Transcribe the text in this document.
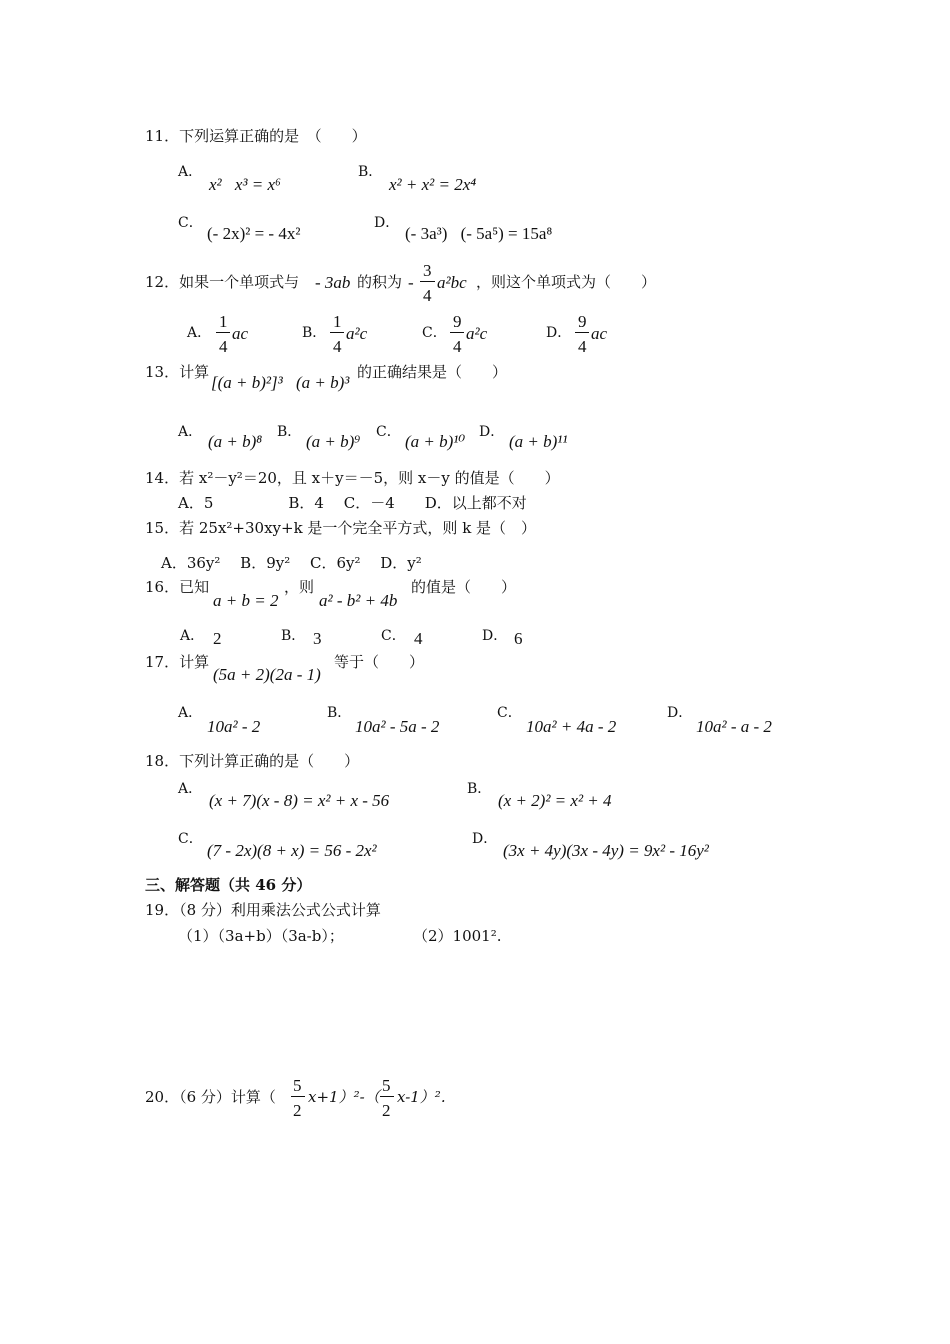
11．下列运算正确的是　（　　）
A．
x²⃞x³ = x⁶
B．
x² + x² = 2x⁴
C．
(- 2x)² = - 4x²
D．
(- 3a³)⃞(- 5a⁵) = 15a⁸
12．如果一个单项式与 - 3ab 的积为 -
3
4
a²bc ，则这个单项式为（　　）
A．
1
4
ac	B．
1
4
a²c	C．
9
4
a²c	D．
9
4
ac
13．计算
[(a + b)²]³⃞(a + b)³
的正确结果是（　　）
A． (a + b)⁸ B． (a + b)⁹ C． (a + b)¹⁰ D． (a + b)¹¹
14．若 x²－y²＝20，且 x＋y＝－5，则 x－y 的值是（　　）
A．5　　　　　B．4　 C．－4　　D．以上都不对
15．若 25x²+30xy+k 是一个完全平方式，则 k 是（　）
A．36y²　 B．9y²　 C．6y²　 D．y²
16．已知
a + b = 2
，则
a² - b² + 4b
的值是（　　）
A． 2	B． 3	C． 4	D． 6
17．计算
(5a + 2)(2a - 1)
等于（　　）
A．
10a² - 2
B．
10a² - 5a - 2
C．
10a² + 4a - 2
D．
10a² - a - 2
18．下列计算正确的是（　　）
A．
(x + 7)(x - 8) = x² + x - 56
B．
(x + 2)² = x² + 4
C．
(7 - 2x)(8 + x) = 56 - 2x²
D．
(3x + 4y)(3x - 4y) = 9x² - 16y²
三、解答题（共 46 分）
19．（8 分）利用乘法公式公式计算
（1）（3a+b）（3a-b）；	（2）1001².
20．（6 分）计算（
5
2
x+1）²-（
5
2
x-1）².
